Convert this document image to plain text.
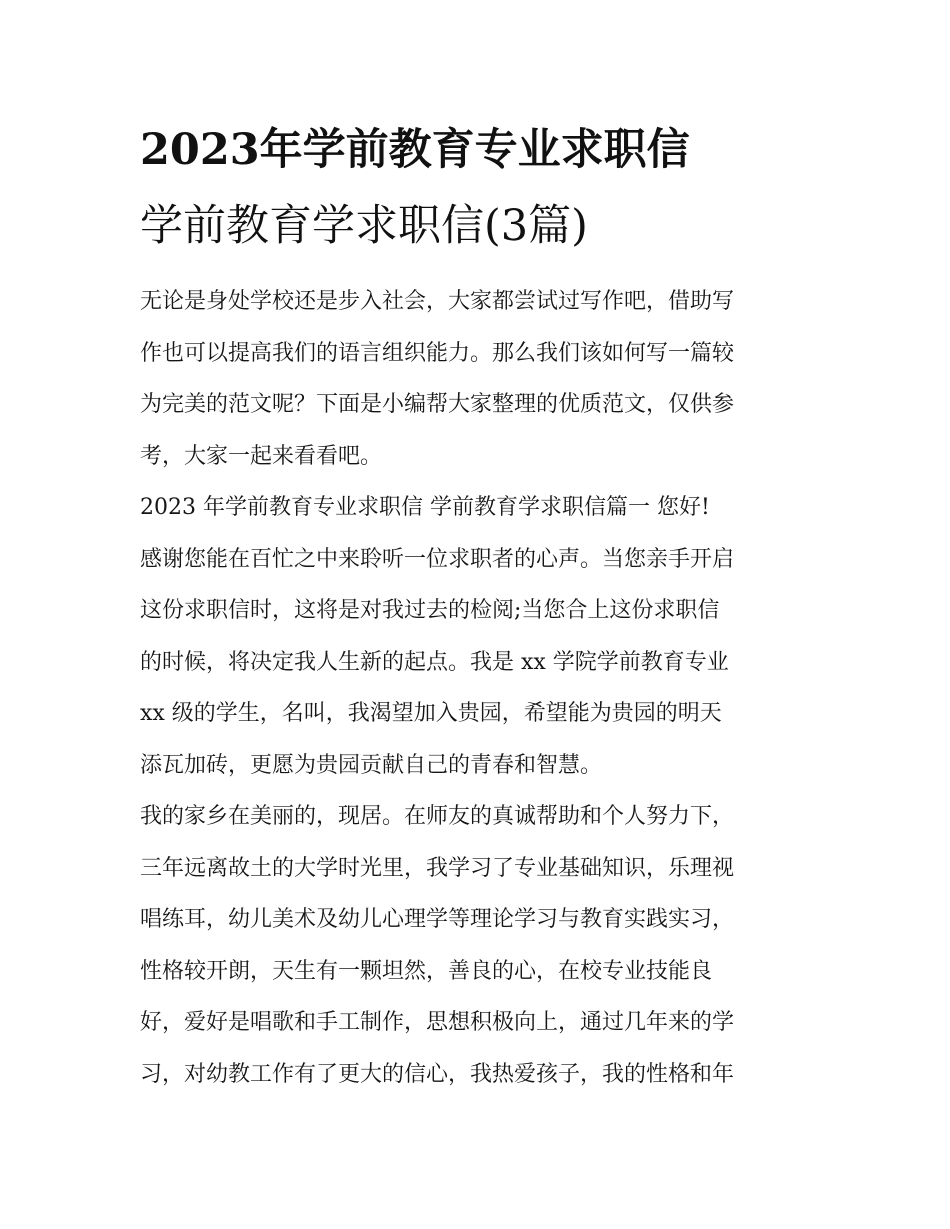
2023年学前教育专业求职信
学前教育学求职信(3篇)
无论是身处学校还是步入社会，大家都尝试过写作吧，借助写
作也可以提高我们的语言组织能力。那么我们该如何写一篇较
为完美的范文呢？下面是小编帮大家整理的优质范文，仅供参
考，大家一起来看看吧。
2023 年学前教育专业求职信 学前教育学求职信篇一 您好!
感谢您能在百忙之中来聆听一位求职者的心声。当您亲手开启
这份求职信时，这将是对我过去的检阅;当您合上这份求职信
的时候，将决定我人生新的起点。我是 xx 学院学前教育专业
xx 级的学生，名叫，我渴望加入贵园，希望能为贵园的明天
添瓦加砖，更愿为贵园贡献自己的青春和智慧。
我的家乡在美丽的，现居。在师友的真诚帮助和个人努力下，
三年远离故土的大学时光里，我学习了专业基础知识，乐理视
唱练耳，幼儿美术及幼儿心理学等理论学习与教育实践实习，
性格较开朗，天生有一颗坦然，善良的心，在校专业技能良
好，爱好是唱歌和手工制作，思想积极向上，通过几年来的学
习，对幼教工作有了更大的信心，我热爱孩子，我的性格和年
